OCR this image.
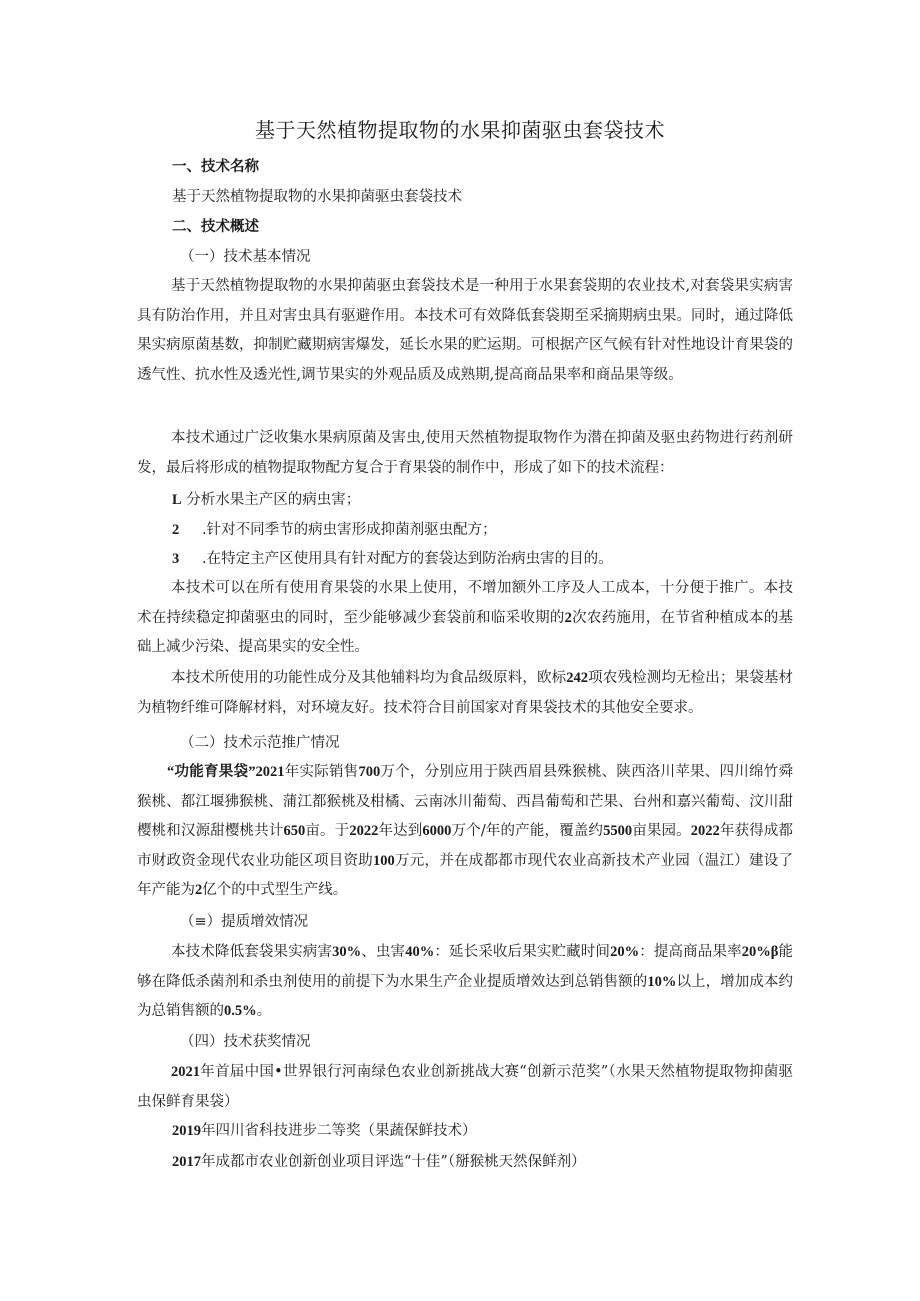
基于天然植物提取物的水果抑菌驱虫套袋技术
一、技术名称
基于天然植物提取物的水果抑菌驱虫套袋技术
二、技术概述
（一）技术基本情况
基于天然植物提取物的水果抑菌驱虫套袋技术是一种用于水果套袋期的农业技术,对套袋果实病害具有防治作用，并且对害虫具有驱避作用。本技术可有效降低套袋期至采摘期病虫果。同时，通过降低果实病原菌基数，抑制贮藏期病害爆发，延长水果的贮运期。可根据产区气候有针对性地设计育果袋的透气性、抗水性及透光性,调节果实的外观品质及成熟期,提高商品果率和商品果等级。
本技术通过广泛收集水果病原菌及害虫,使用天然植物提取物作为潜在抑菌及驱虫药物进行药剂研发，最后将形成的植物提取物配方复合于育果袋的制作中，形成了如下的技术流程：
L 分析水果主产区的病虫害；
2 .针对不同季节的病虫害形成抑菌剂驱虫配方；
3 .在特定主产区使用具有针对配方的套袋达到防治病虫害的目的。
本技术可以在所有使用育果袋的水果上使用，不增加额外工序及人工成本，十分便于推广。本技术在持续稳定抑菌驱虫的同时，至少能够减少套袋前和临采收期的2次农药施用，在节省种植成本的基础上减少污染、提高果实的安全性。
本技术所使用的功能性成分及其他辅料均为食品级原料，欧标242项农残检测均无检出；果袋基材为植物纤维可降解材料，对环境友好。技术符合目前国家对育果袋技术的其他安全要求。
（二）技术示范推广情况
“功能育果袋”2021年实际销售700万个，分别应用于陕西眉县殊猴桃、陕西洛川苹果、四川绵竹舜猴桃、都江堰狒猴桃、蒲江都猴桃及柑橘、云南冰川葡萄、西昌葡萄和芒果、台州和嘉兴葡萄、汶川甜樱桃和汉源甜樱桃共计650亩。于2022年达到6000万个/年的产能，覆盖约5500亩果园。2022年获得成都市财政资金现代农业功能区项目资助100万元，并在成都都市现代农业高新技术产业园（温江）建设了年产能为2亿个的中式型生产线。
（≡）提质增效情况
本技术降低套袋果实病害30%、虫害40%：延长采收后果实贮藏时间20%：提高商品果率20%β能够在降低杀菌剂和杀虫剂使用的前提下为水果生产企业提质增效达到总销售额的10%以上，增加成本约为总销售额的0.5%。
（四）技术获奖情况
2021年首届中国•世界银行河南绿色农业创新挑战大赛“创新示范奖”（水果天然植物提取物抑菌驱虫保鲜育果袋）
2019年四川省科技进步二等奖（果蔬保鲜技术）
2017年成都市农业创新创业项目评选“十佳”（掰猴桃天然保鲜剂）
